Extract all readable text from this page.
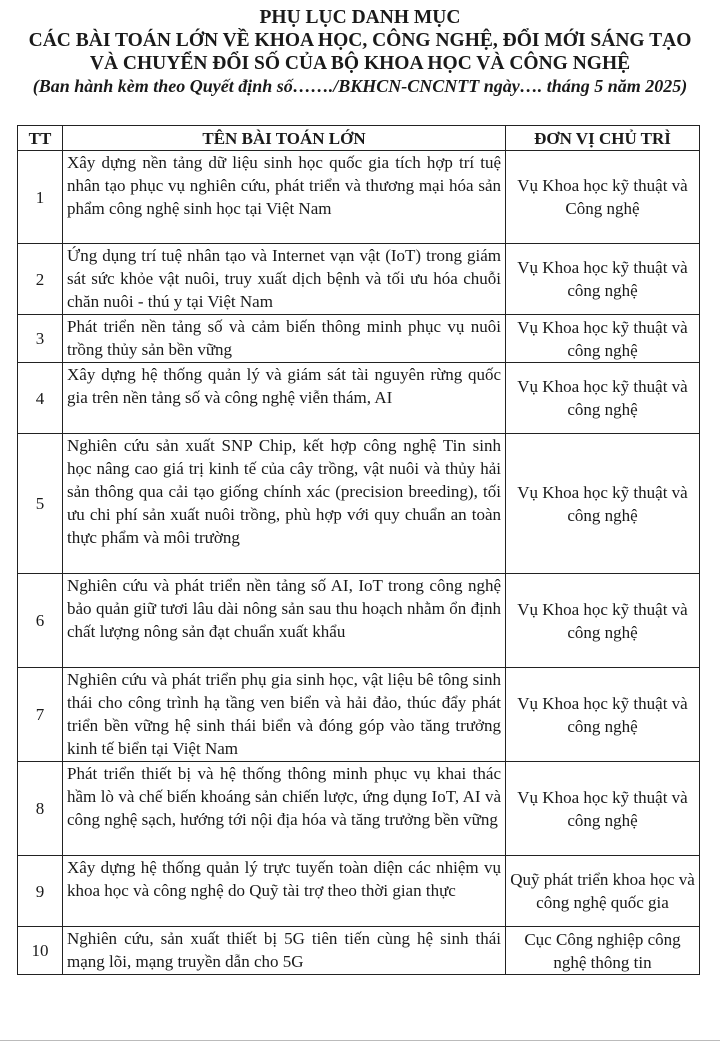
PHỤ LỤC DANH MỤC
CÁC BÀI TOÁN LỚN VỀ KHOA HỌC, CÔNG NGHỆ, ĐỔI MỚI SÁNG TẠO
VÀ CHUYỂN ĐỔI SỐ CỦA BỘ KHOA HỌC VÀ CÔNG NGHỆ
(Ban hành kèm theo Quyết định số……./BKHCN-CNCNTT ngày…. tháng 5 năm 2025)
TT	TÊN BÀI TOÁN LỚN	ĐƠN VỊ CHỦ TRÌ
1	Xây dựng nền tảng dữ liệu sinh học quốc gia tích hợp trí tuệ nhân tạo phục vụ nghiên cứu, phát triển và thương mại hóa sản phẩm công nghệ sinh học tại Việt Nam	Vụ Khoa học kỹ thuật và Công nghệ
2	Ứng dụng trí tuệ nhân tạo và Internet vạn vật (IoT) trong giám sát sức khỏe vật nuôi, truy xuất dịch bệnh và tối ưu hóa chuỗi chăn nuôi - thú y tại Việt Nam	Vụ Khoa học kỹ thuật và công nghệ
3	Phát triển nền tảng số và cảm biến thông minh phục vụ nuôi trồng thủy sản bền vững	Vụ Khoa học kỹ thuật và công nghệ
4	Xây dựng hệ thống quản lý và giám sát tài nguyên rừng quốc gia trên nền tảng số và công nghệ viễn thám, AI	Vụ Khoa học kỹ thuật và công nghệ
5	Nghiên cứu sản xuất SNP Chip, kết hợp công nghệ Tin sinh học nâng cao giá trị kinh tế của cây trồng, vật nuôi và thủy hải sản thông qua cải tạo giống chính xác (precision breeding), tối ưu chi phí sản xuất nuôi trồng, phù hợp với quy chuẩn an toàn thực phẩm và môi trường	Vụ Khoa học kỹ thuật và công nghệ
6	Nghiên cứu và phát triển nền tảng số AI, IoT trong công nghệ bảo quản giữ tươi lâu dài nông sản sau thu hoạch nhằm ổn định chất lượng nông sản đạt chuẩn xuất khẩu	Vụ Khoa học kỹ thuật và công nghệ
7	Nghiên cứu và phát triển phụ gia sinh học, vật liệu bê tông sinh thái cho công trình hạ tầng ven biển và hải đảo, thúc đẩy phát triển bền vững hệ sinh thái biển và đóng góp vào tăng trưởng kinh tế biển tại Việt Nam	Vụ Khoa học kỹ thuật và công nghệ
8	Phát triển thiết bị và hệ thống thông minh phục vụ khai thác hầm lò và chế biến khoáng sản chiến lược, ứng dụng IoT, AI và công nghệ sạch, hướng tới nội địa hóa và tăng trưởng bền vững	Vụ Khoa học kỹ thuật và công nghệ
9	Xây dựng hệ thống quản lý trực tuyến toàn diện các nhiệm vụ khoa học và công nghệ do Quỹ tài trợ theo thời gian thực	Quỹ phát triển khoa học và công nghệ quốc gia
10	Nghiên cứu, sản xuất thiết bị 5G tiên tiến cùng hệ sinh thái mạng lõi, mạng truyền dẫn cho 5G	Cục Công nghiệp công nghệ thông tin
